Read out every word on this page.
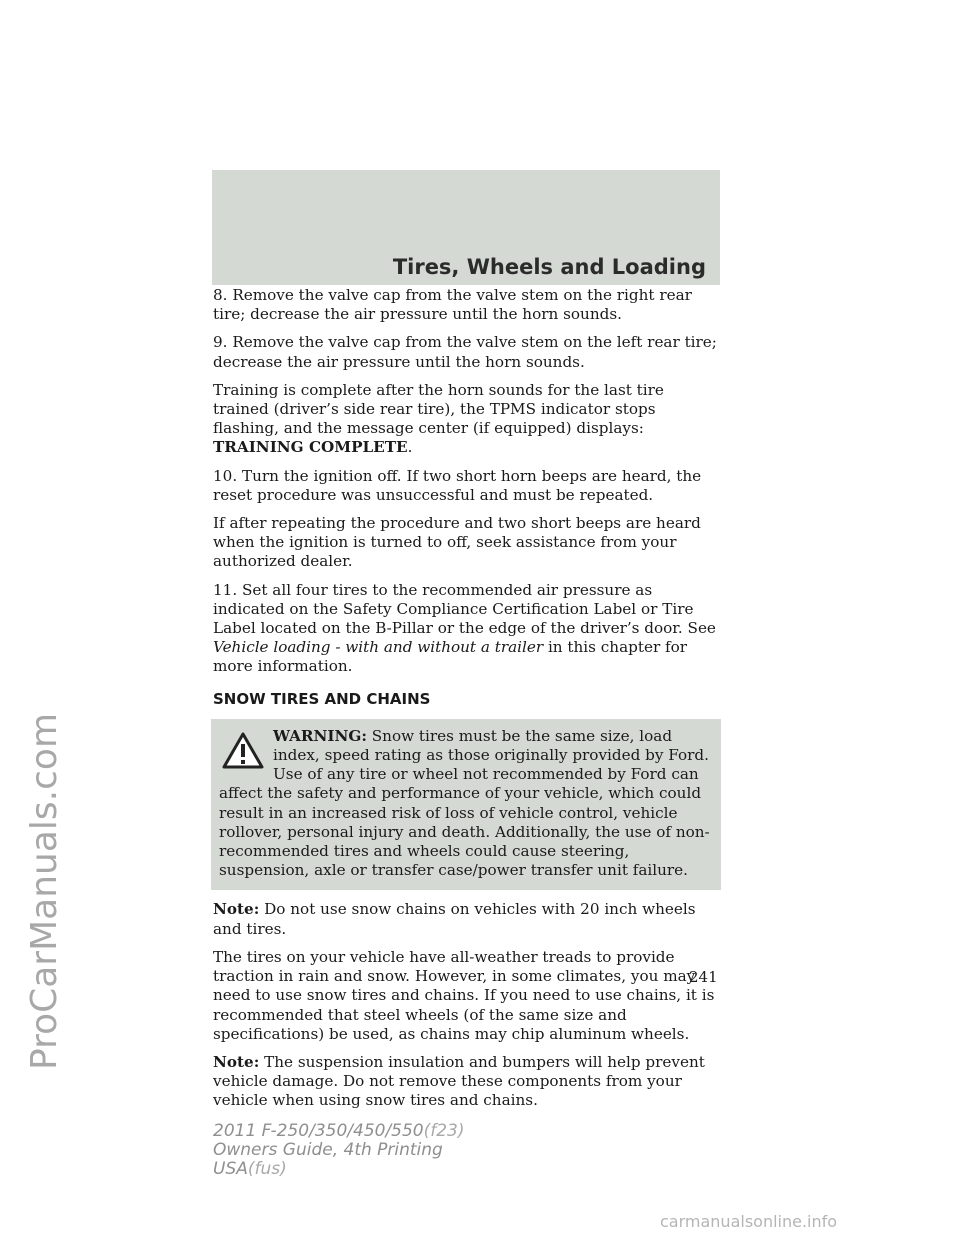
ProCarManuals.com
Tires, Wheels and Loading

8. Remove the valve cap from the valve stem on the right rear tire; decrease the air pressure until the horn sounds.

9. Remove the valve cap from the valve stem on the left rear tire; decrease the air pressure until the horn sounds.

Training is complete after the horn sounds for the last tire trained (driver’s side rear tire), the TPMS indicator stops flashing, and the message center (if equipped) displays:
TRAINING COMPLETE.

10. Turn the ignition off. If two short horn beeps are heard, the reset procedure was unsuccessful and must be repeated.

If after repeating the procedure and two short beeps are heard when the ignition is turned to off, seek assistance from your authorized dealer.

11. Set all four tires to the recommended air pressure as indicated on the Safety Compliance Certification Label or Tire Label located on the B-Pillar or the edge of the driver’s door. See Vehicle loading - with and without a trailer in this chapter for more information.

SNOW TIRES AND CHAINS
WARNING: Snow tires must be the same size, load index, speed rating as those originally provided by Ford. Use of any tire or wheel not recommended by Ford can affect the safety and performance of your vehicle, which could result in an increased risk of loss of vehicle control, vehicle rollover, personal injury and death. Additionally, the use of non-recommended tires and wheels could cause steering, suspension, axle or transfer case/power transfer unit failure.

Note: Do not use snow chains on vehicles with 20 inch wheels and tires.

The tires on your vehicle have all-weather treads to provide traction in rain and snow. However, in some climates, you may need to use snow tires and chains. If you need to use chains, it is recommended that steel wheels (of the same size and specifications) be used, as chains may chip aluminum wheels.

Note: The suspension insulation and bumpers will help prevent vehicle damage. Do not remove these components from your vehicle when using snow tires and chains.

241
2011 F-250/350/450/550(f23)
Owners Guide, 4th Printing
USA(fus)
carmanualsonline.info
